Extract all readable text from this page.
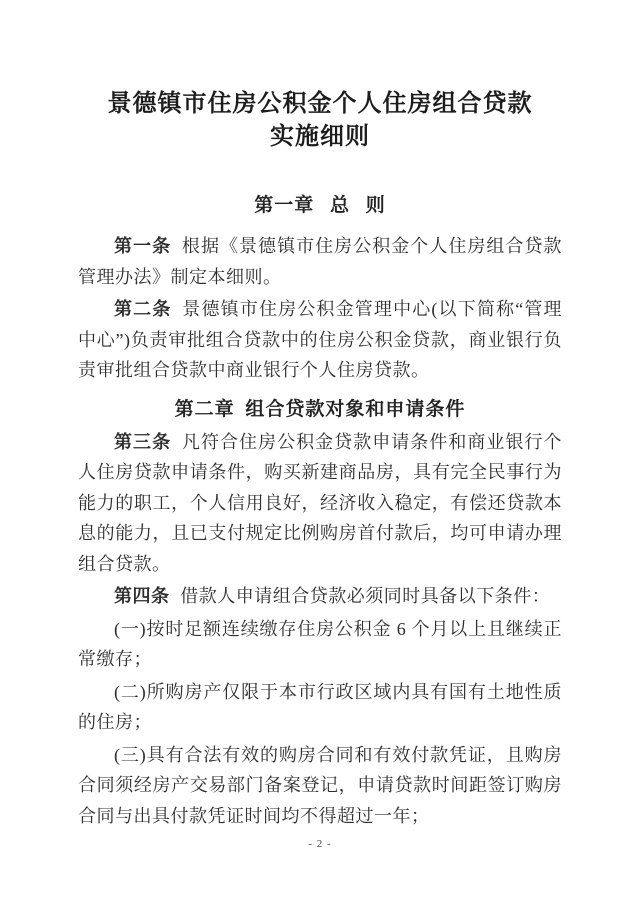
景德镇市住房公积金个人住房组合贷款
实施细则
第一章 总 则

第一条 根据《景德镇市住房公积金个人住房组合贷款管理办法》制定本细则。

第二条 景德镇市住房公积金管理中心(以下简称“管理中心”)负责审批组合贷款中的住房公积金贷款，商业银行负责审批组合贷款中商业银行个人住房贷款。

第二章 组合贷款对象和申请条件

第三条 凡符合住房公积金贷款申请条件和商业银行个人住房贷款申请条件，购买新建商品房，具有完全民事行为能力的职工，个人信用良好，经济收入稳定，有偿还贷款本息的能力，且已支付规定比例购房首付款后，均可申请办理组合贷款。

第四条 借款人申请组合贷款必须同时具备以下条件：

(一)按时足额连续缴存住房公积金 6 个月以上且继续正常缴存；

(二)所购房产仅限于本市行政区域内具有国有土地性质的住房；

(三)具有合法有效的购房合同和有效付款凭证，且购房合同须经房产交易部门备案登记，申请贷款时间距签订购房合同与出具付款凭证时间均不得超过一年；

- 2 -
